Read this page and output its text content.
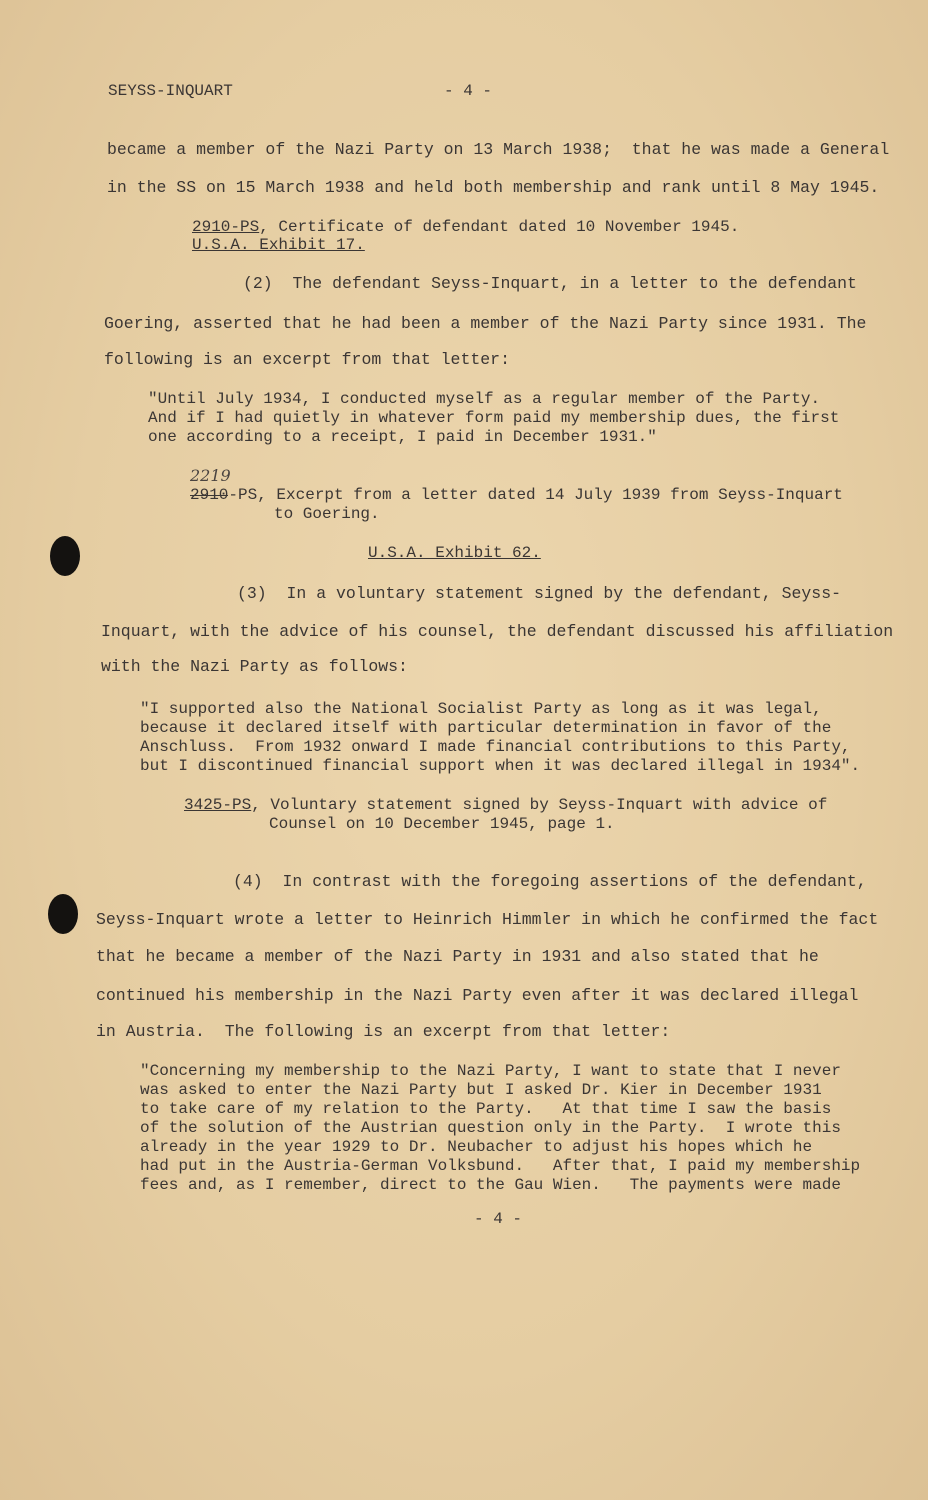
SEYSS-INQUART	- 4 -
became a member of the Nazi Party on 13 March 1938;  that he was made a General
in the SS on 15 March 1938 and held both membership and rank until 8 May 1945.
2910-PS, Certificate of defendant dated 10 November 1945.
U.S.A. Exhibit 17.
(2)  The defendant Seyss-Inquart, in a letter to the defendant
Goering, asserted that he had been a member of the Nazi Party since 1931. The
following is an excerpt from that letter:
"Until July 1934, I conducted myself as a regular member of the Party.
And if I had quietly in whatever form paid my membership dues, the first
one according to a receipt, I paid in December 1931."
2219
2910-PS, Excerpt from a letter dated 14 July 1939 from Seyss-Inquart
to Goering.
U.S.A. Exhibit 62.
(3)  In a voluntary statement signed by the defendant, Seyss-
Inquart, with the advice of his counsel, the defendant discussed his affiliation
with the Nazi Party as follows:
"I supported also the National Socialist Party as long as it was legal,
because it declared itself with particular determination in favor of the
Anschluss.  From 1932 onward I made financial contributions to this Party,
but I discontinued financial support when it was declared illegal in 1934".
3425-PS, Voluntary statement signed by Seyss-Inquart with advice of
Counsel on 10 December 1945, page 1.
(4)  In contrast with the foregoing assertions of the defendant,
Seyss-Inquart wrote a letter to Heinrich Himmler in which he confirmed the fact
that he became a member of the Nazi Party in 1931 and also stated that he
continued his membership in the Nazi Party even after it was declared illegal
in Austria.  The following is an excerpt from that letter:
"Concerning my membership to the Nazi Party, I want to state that I never
was asked to enter the Nazi Party but I asked Dr. Kier in December 1931
to take care of my relation to the Party.   At that time I saw the basis
of the solution of the Austrian question only in the Party.  I wrote this
already in the year 1929 to Dr. Neubacher to adjust his hopes which he
had put in the Austria-German Volksbund.   After that, I paid my membership
fees and, as I remember, direct to the Gau Wien.   The payments were made
- 4 -
